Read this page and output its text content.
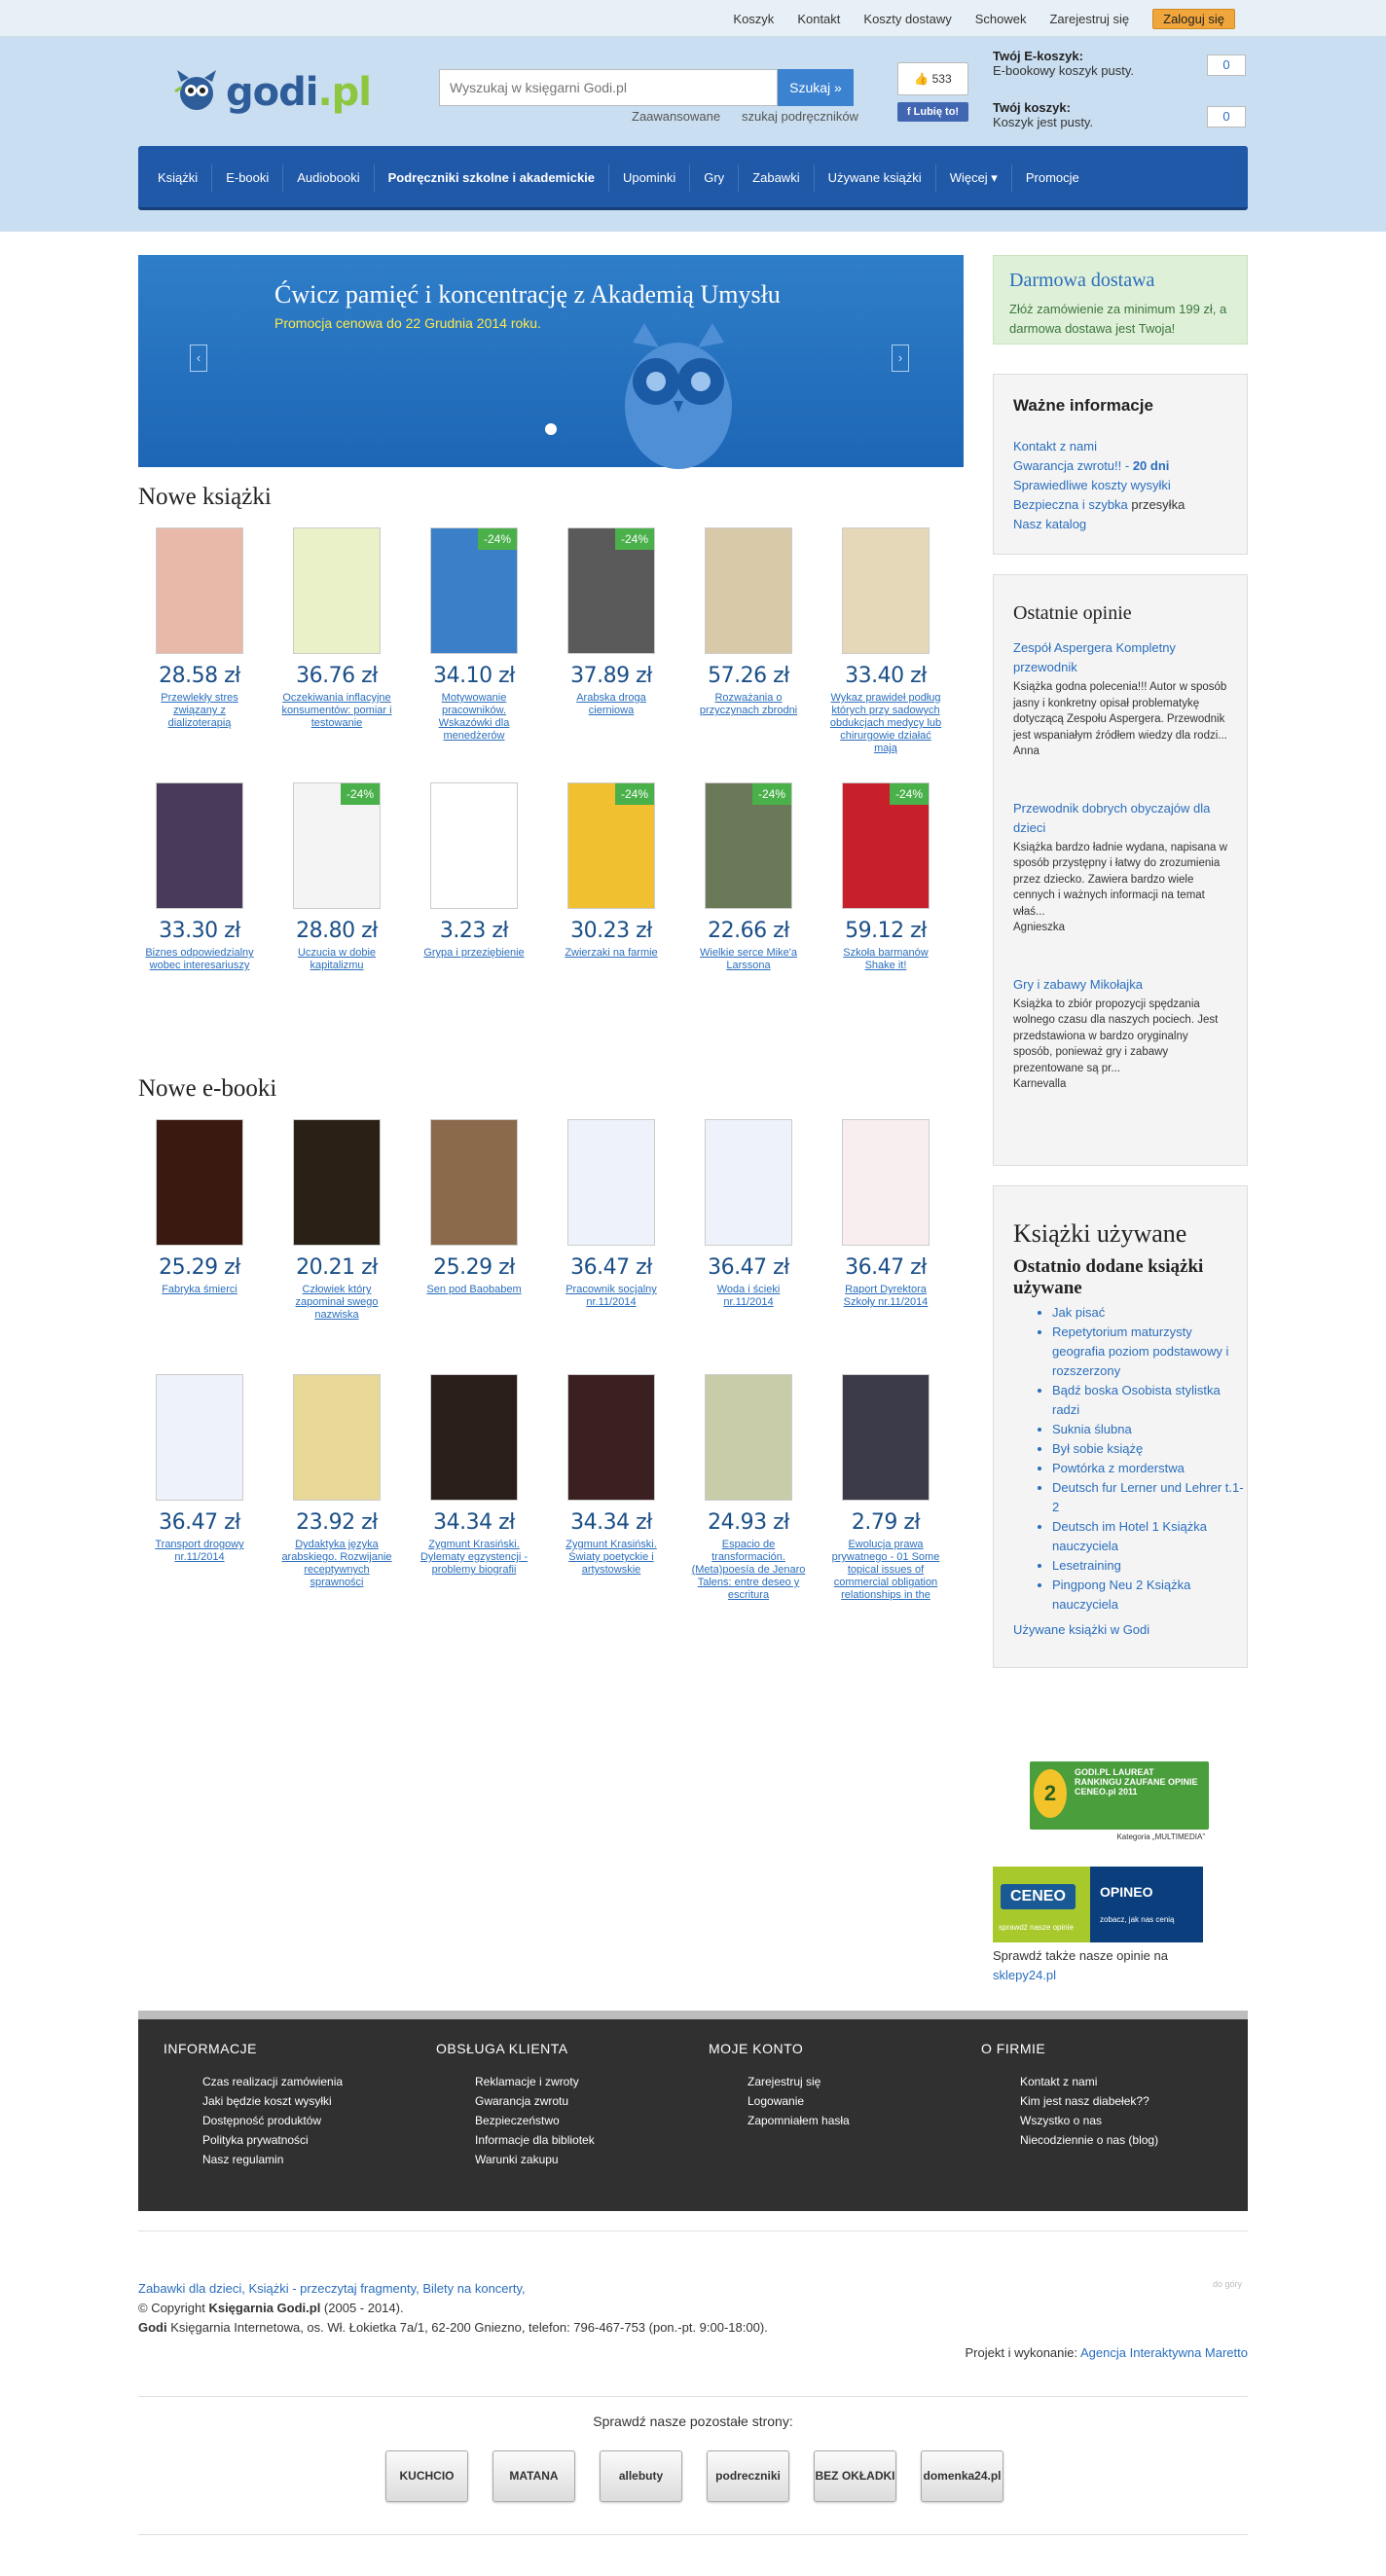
Koszyk Kontakt Koszty dostawy Schowek Zarejestruj się	Zaloguj się
godi.pl
Wyszukaj w księgarni Godi.pl	Szukaj »
Zaawansowane szukaj podręczników
👍 533
f Lubię to!
Twój E-koszyk:
E-bookowy koszyk pusty.	0
Twój koszyk:
Koszyk jest pusty.	0
Książki	E-booki	Audiobooki	Podręczniki szkolne i akademickie	Upominki	Gry	Zabawki	Używane książki	Więcej ▾	Promocje
Ćwicz pamięć i koncentrację z Akademią Umysłu

Promocja cenowa do 22 Grudnia 2014 roku.

‹	›
Nowe książki
28.58 zł
Przewlekły stres związany z dializoterapią
36.76 zł
Oczekiwania inflacyjne konsumentów: pomiar i testowanie
-24%
34.10 zł
Motywowanie pracowników. Wskazówki dla menedżerów
-24%
37.89 zł
Arabska droga cierniowa
57.26 zł
Rozważania o przyczynach zbrodni
33.40 zł
Wykaz prawideł podług których przy sadowych obdukcjach medycy lub chirurgowie działać mają
33.30 zł
Biznes odpowiedzialny wobec interesariuszy
-24%
28.80 zł
Uczucia w dobie kapitalizmu
3.23 zł
Grypa i przeziębienie
-24%
30.23 zł
Zwierzaki na farmie
-24%
22.66 zł
Wielkie serce Mike'a Larssona
-24%
59.12 zł
Szkoła barmanów Shake it!
Nowe e-booki
25.29 zł
Fabryka śmierci
20.21 zł
Człowiek który zapominał swego nazwiska
25.29 zł
Sen pod Baobabem
36.47 zł
Pracownik socjalny nr.11/2014
36.47 zł
Woda i ścieki nr.11/2014
36.47 zł
Raport Dyrektora Szkoły nr.11/2014
36.47 zł
Transport drogowy nr.11/2014
23.92 zł
Dydaktyka języka arabskiego. Rozwijanie receptywnych sprawności
34.34 zł
Zygmunt Krasiński. Dylematy egzystencji - problemy biografii
34.34 zł
Zygmunt Krasiński. Światy poetyckie i artystowskie
24.93 zł
Espacio de transformación. (Meta)poesía de Jenaro Talens: entre deseo y escritura
2.79 zł
Ewolucja prawa prywatnego - 01 Some topical issues of commercial obligation relationships in the
Darmowa dostawa

Złóż zamówienie za minimum 199 zł, a darmowa dostawa jest Twoja!

Ważne informacje
Kontakt z nami
Gwarancja zwrotu!! - 20 dni
Sprawiedliwe koszty wysyłki
Bezpieczna i szybka przesyłka
Nasz katalog
Ostatnie opinie
Zespół Aspergera Kompletny przewodnik
Książka godna polecenia!!! Autor w sposób jasny i konkretny opisał problematykę dotyczącą Zespołu Aspergera. Przewodnik jest wspaniałym źródłem wiedzy dla rodzi...
Anna
Przewodnik dobrych obyczajów dla dzieci
Książka bardzo ładnie wydana, napisana w sposób przystępny i łatwy do zrozumienia przez dziecko. Zawiera bardzo wiele cennych i ważnych informacji na temat właś...
Agnieszka
Gry i zabawy Mikołajka
Książka to zbiór propozycji spędzania wolnego czasu dla naszych pociech. Jest przedstawiona w bardzo oryginalny sposób, ponieważ gry i zabawy prezentowane są pr...
Karnevalla
Książki używane
Ostatnio dodane książki używane
• Jak pisać
• Repetytorium maturzysty geografia poziom podstawowy i rozszerzony
• Bądź boska Osobista stylistka radzi
• Suknia ślubna
• Był sobie książę
• Powtórka z morderstwa
• Deutsch fur Lerner und Lehrer t.1-2
• Deutsch im Hotel 1 Książka nauczyciela
• Lesetraining
• Pingpong Neu 2 Książka nauczyciela
Używane książki w Godi
2
GODI.PL LAUREAT RANKINGU ZAUFANE OPINIE CENEO.pl 2011
Kategoria „MULTIMEDIA”
CENEO
sprawdź nasze opinie
OPINEO
zobacz, jak nas cenią
Sprawdź także nasze opinie na sklepy24.pl
INFORMACJE
Czas realizacji zamówienia
Jaki będzie koszt wysyłki
Dostępność produktów
Polityka prywatności
Nasz regulamin
OBSŁUGA KLIENTA
Reklamacje i zwroty
Gwarancja zwrotu
Bezpieczeństwo
Informacje dla bibliotek
Warunki zakupu
MOJE KONTO
Zarejestruj się
Logowanie
Zapomniałem hasła
O FIRMIE
Kontakt z nami
Kim jest nasz diabełek??
Wszystko o nas
Niecodziennie o nas (blog)
Zabawki dla dzieci, Książki - przeczytaj fragmenty, Bilety na koncerty,
© Copyright Księgarnia Godi.pl (2005 - 2014).
Godi Księgarnia Internetowa, os. Wł. Łokietka 7a/1, 62-200 Gniezno, telefon: 796-467-753 (pon.-pt. 9:00-18:00).
do góry
Projekt i wykonanie: Agencja Interaktywna Maretto
Sprawdź nasze pozostałe strony:
KUCHCIO	MATANA	allebuty	podreczniki	BEZ OKŁADKI domenka24.pl
